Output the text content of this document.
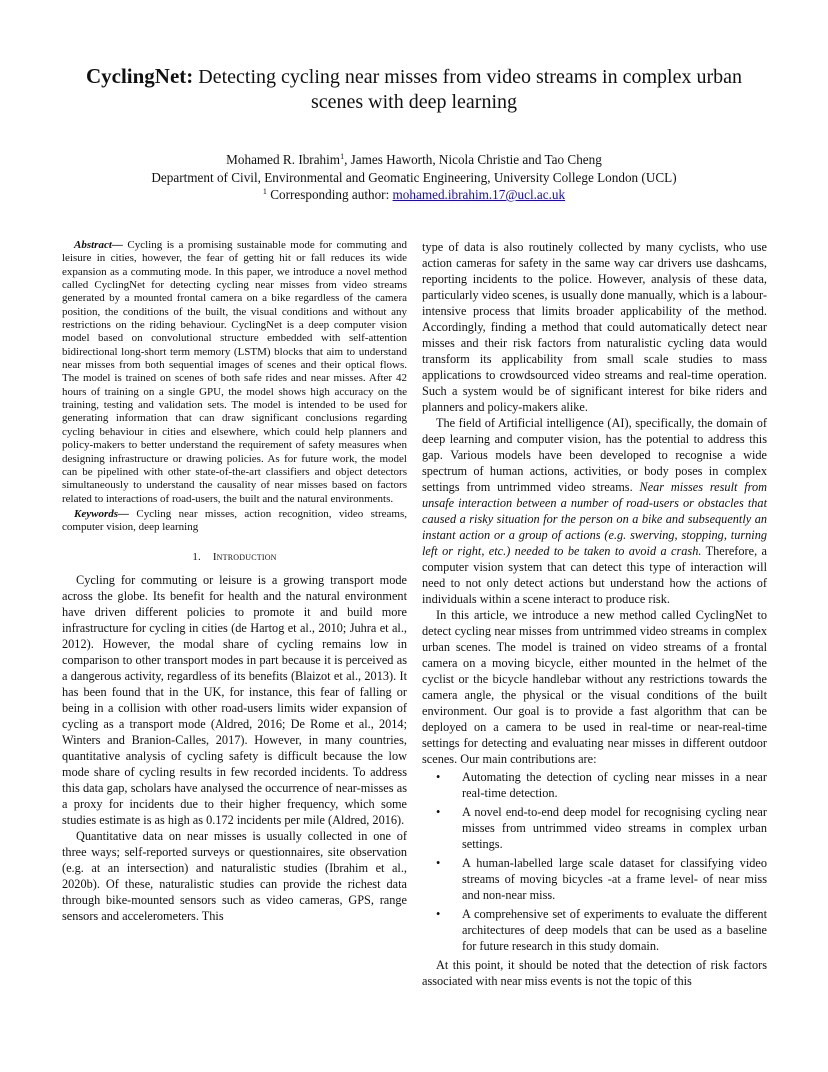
CyclingNet: Detecting cycling near misses from video streams in complex urban scenes with deep learning
Mohamed R. Ibrahim$^1$, James Haworth, Nicola Christie and Tao Cheng
Department of Civil, Environmental and Geomatic Engineering, University College London (UCL)
$^1$ Corresponding author: mohamed.ibrahim.17@ucl.ac.uk

Abstract— Cycling is a promising sustainable mode for commuting and leisure in cities, however, the fear of getting hit or fall reduces its wide expansion as a commuting mode. In this paper, we introduce a novel method called CyclingNet for detecting cycling near misses from video streams generated by a mounted frontal camera on a bike regardless of the camera position, the conditions of the built, the visual conditions and without any restrictions on the riding behaviour. CyclingNet is a deep computer vision model based on convolutional structure embedded with self-attention bidirectional long-short term memory (LSTM) blocks that aim to understand near misses from both sequential images of scenes and their optical flows. The model is trained on scenes of both safe rides and near misses. After 42 hours of training on a single GPU, the model shows high accuracy on the training, testing and validation sets. The model is intended to be used for generating information that can draw significant conclusions regarding cycling behaviour in cities and elsewhere, which could help planners and policy-makers to better understand the requirement of safety measures when designing infrastructure or drawing policies. As for future work, the model can be pipelined with other state-of-the-art classifiers and object detectors simultaneously to understand the causality of near misses based on factors related to interactions of road-users, the built and the natural environments.

Keywords— Cycling near misses, action recognition, video streams, computer vision, deep learning

1. Introduction

Cycling for commuting or leisure is a growing transport mode across the globe. Its benefit for health and the natural environment have driven different policies to promote it and build more infrastructure for cycling in cities (de Hartog et al., 2010; Juhra et al., 2012). However, the modal share of cycling remains low in comparison to other transport modes in part because it is perceived as a dangerous activity, regardless of its benefits (Blaizot et al., 2013). It has been found that in the UK, for instance, this fear of falling or being in a collision with other road-users limits wider expansion of cycling as a transport mode (Aldred, 2016; De Rome et al., 2014; Winters and Branion-Calles, 2017). However, in many countries, quantitative analysis of cycling safety is difficult because the low mode share of cycling results in few recorded incidents. To address this data gap, scholars have analysed the occurrence of near-misses as a proxy for incidents due to their higher frequency, which some studies estimate is as high as 0.172 incidents per mile (Aldred, 2016).

Quantitative data on near misses is usually collected in one of three ways; self-reported surveys or questionnaires, site observation (e.g. at an intersection) and naturalistic studies (Ibrahim et al., 2020b). Of these, naturalistic studies can provide the richest data through bike-mounted sensors such as video cameras, GPS, range sensors and accelerometers. This

type of data is also routinely collected by many cyclists, who use action cameras for safety in the same way car drivers use dashcams, reporting incidents to the police. However, analysis of these data, particularly video scenes, is usually done manually, which is a labour-intensive process that limits broader applicability of the method. Accordingly, finding a method that could automatically detect near misses and their risk factors from naturalistic cycling data would transform its applicability from small scale studies to mass applications to crowdsourced video streams and real-time operation. Such a system would be of significant interest for bike riders and planners and policy-makers alike.

The field of Artificial intelligence (AI), specifically, the domain of deep learning and computer vision, has the potential to address this gap. Various models have been developed to recognise a wide spectrum of human actions, activities, or body poses in complex settings from untrimmed video streams. Near misses result from unsafe interaction between a number of road-users or obstacles that caused a risky situation for the person on a bike and subsequently an instant action or a group of actions (e.g. swerving, stopping, turning left or right, etc.) needed to be taken to avoid a crash. Therefore, a computer vision system that can detect this type of interaction will need to not only detect actions but understand how the actions of individuals within a scene interact to produce risk.

In this article, we introduce a new method called CyclingNet to detect cycling near misses from untrimmed video streams in complex urban scenes. The model is trained on video streams of a frontal camera on a moving bicycle, either mounted in the helmet of the cyclist or the bicycle handlebar without any restrictions towards the camera angle, the physical or the visual conditions of the built environment. Our goal is to provide a fast algorithm that can be deployed on a camera to be used in real-time or near-real-time settings for detecting and evaluating near misses in different outdoor scenes. Our main contributions are:

• Automating the detection of cycling near misses in a near real-time detection.
• A novel end-to-end deep model for recognising cycling near misses from untrimmed video streams in complex urban settings.
• A human-labelled large scale dataset for classifying video streams of moving bicycles -at a frame level- of near miss and non-near miss.
• A comprehensive set of experiments to evaluate the different architectures of deep models that can be used as a baseline for future research in this study domain.

At this point, it should be noted that the detection of risk factors associated with near miss events is not the topic of this
